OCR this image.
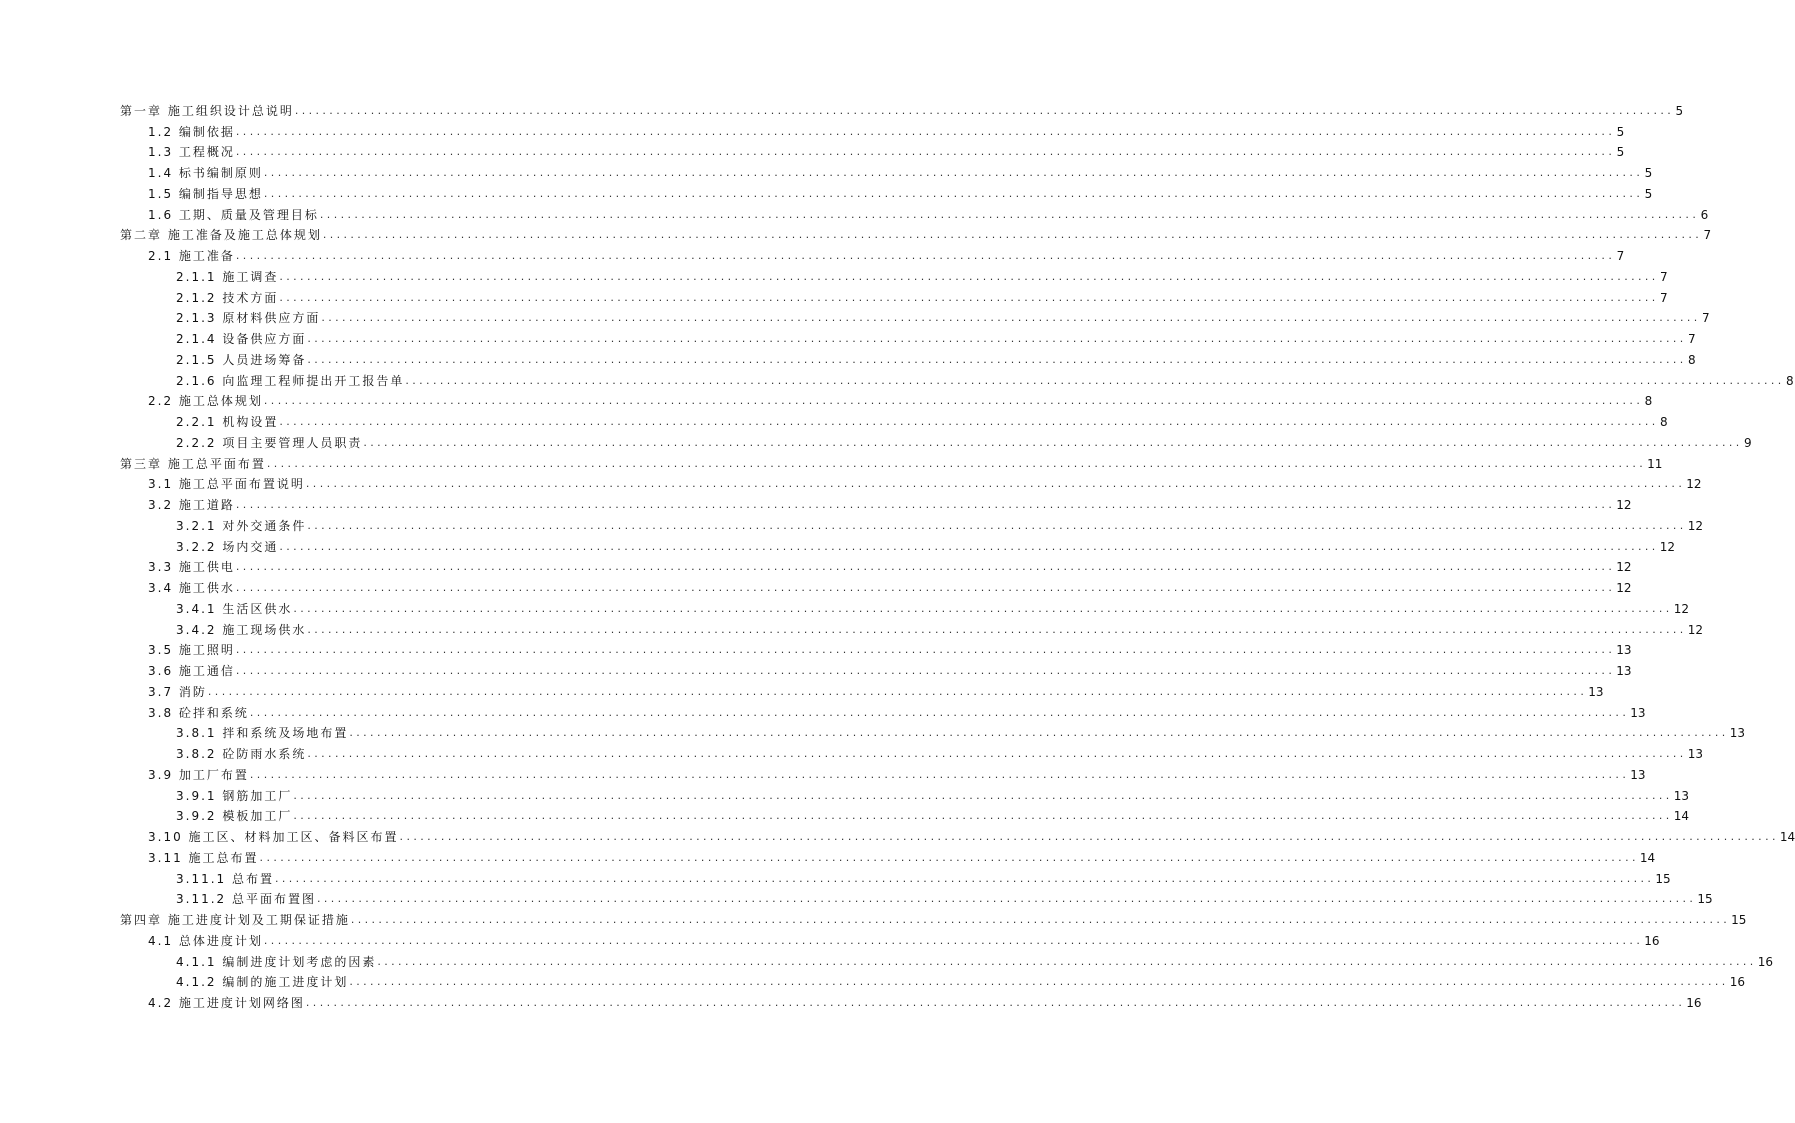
第一章 施工组织设计总说明 ........................................................................................................................................................................................................ 5
1.2 编制依据 ........................................................................................................................................................................................................ 5
1.3 工程概况 ........................................................................................................................................................................................................ 5
1.4 标书编制原则 ........................................................................................................................................................................................................ 5
1.5 编制指导思想 ........................................................................................................................................................................................................ 5
1.6 工期、质量及管理目标 ........................................................................................................................................................................................................ 6
第二章 施工准备及施工总体规划 ........................................................................................................................................................................................................ 7
2.1 施工准备 ........................................................................................................................................................................................................ 7
2.1.1 施工调查 ........................................................................................................................................................................................................ 7
2.1.2 技术方面 ........................................................................................................................................................................................................ 7
2.1.3 原材料供应方面 ........................................................................................................................................................................................................ 7
2.1.4 设备供应方面 ........................................................................................................................................................................................................ 7
2.1.5 人员进场筹备 ........................................................................................................................................................................................................ 8
2.1.6 向监理工程师提出开工报告单 ........................................................................................................................................................................................................ 8
2.2 施工总体规划 ........................................................................................................................................................................................................ 8
2.2.1 机构设置 ........................................................................................................................................................................................................ 8
2.2.2 项目主要管理人员职责 ........................................................................................................................................................................................................ 9
第三章 施工总平面布置 ........................................................................................................................................................................................................ 11
3.1 施工总平面布置说明 ........................................................................................................................................................................................................ 12
3.2 施工道路 ........................................................................................................................................................................................................ 12
3.2.1 对外交通条件 ........................................................................................................................................................................................................ 12
3.2.2 场内交通 ........................................................................................................................................................................................................ 12
3.3 施工供电 ........................................................................................................................................................................................................ 12
3.4 施工供水 ........................................................................................................................................................................................................ 12
3.4.1 生活区供水 ........................................................................................................................................................................................................ 12
3.4.2 施工现场供水 ........................................................................................................................................................................................................ 12
3.5 施工照明 ........................................................................................................................................................................................................ 13
3.6 施工通信 ........................................................................................................................................................................................................ 13
3.7 消防 ........................................................................................................................................................................................................ 13
3.8 砼拌和系统 ........................................................................................................................................................................................................ 13
3.8.1 拌和系统及场地布置 ........................................................................................................................................................................................................ 13
3.8.2 砼防雨水系统 ........................................................................................................................................................................................................ 13
3.9 加工厂布置 ........................................................................................................................................................................................................ 13
3.9.1 钢筋加工厂 ........................................................................................................................................................................................................ 13
3.9.2 模板加工厂 ........................................................................................................................................................................................................ 14
3.10 施工区、材料加工区、备料区布置 ........................................................................................................................................................................................................ 14
3.11 施工总布置 ........................................................................................................................................................................................................ 14
3.11.1 总布置 ........................................................................................................................................................................................................ 15
3.11.2 总平面布置图 ........................................................................................................................................................................................................ 15
第四章 施工进度计划及工期保证措施 ........................................................................................................................................................................................................ 15
4.1 总体进度计划 ........................................................................................................................................................................................................ 16
4.1.1 编制进度计划考虑的因素 ........................................................................................................................................................................................................ 16
4.1.2 编制的施工进度计划 ........................................................................................................................................................................................................ 16
4.2 施工进度计划网络图 ........................................................................................................................................................................................................ 16
